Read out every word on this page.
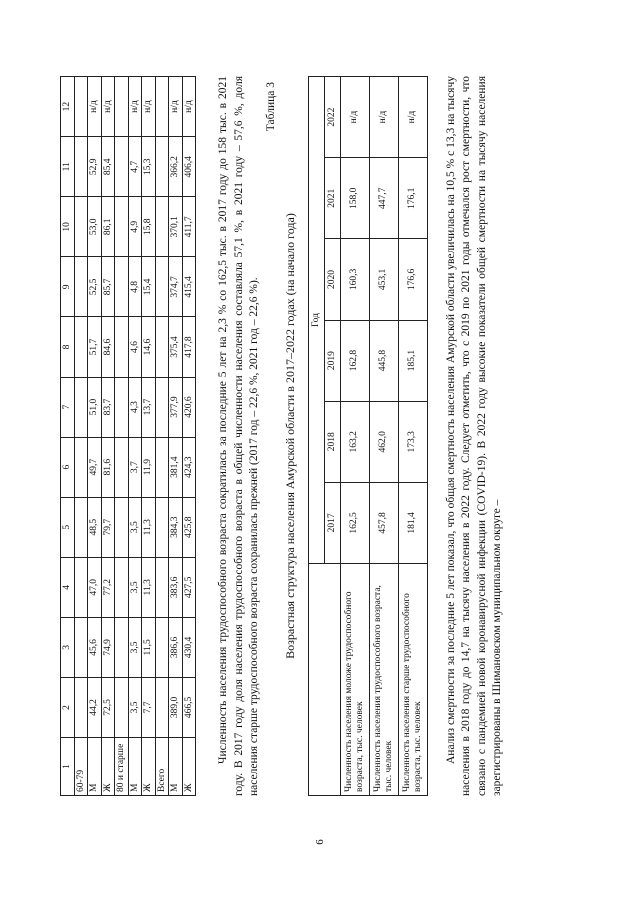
6
1	2	3	4	5	6	7	8	9	10	11	12
60-79											
М	44,2	45,6	47,0	48,5	49,7	51,0	51,7	52,5	53,0	52,9	н/д
Ж	72,5	74,9	77,2	79,7	81,6	83,7	84,6	85,7	86,1	85,4	н/д
80 и старше											
М	3,5	3,5	3,5	3,5	3,7	4,3	4,6	4,8	4,9	4,7	н/д
Ж	7,7	11,5	11,3	11,3	11,9	13,7	14,6	15,4	15,8	15,3	н/д
Всего											
М	389,0	386,6	383,6	384,3	381,4	377,9	375,4	374,7	370,1	366,2	н/д
Ж	466,5	430,4	427,5	425,8	424,3	420,6	417,8	415,4	411,7	406,4	н/д Численность населения трудоспособного возраста сократилась за последние 5 лет на 2,3 % со 162,5 тыс. в 2017 году до 158 тыс. в 2021 году. В 2017 году доля населения трудоспособного возраста в общей численности населения составляла 57,1 %, в 2021 году – 57,6 %, доля населения старше трудоспособного возраста сохранилась прежней (2017 год – 22,6 %, 2021 год – 22,6 %).

Таблица 3
Возрастная структура населения Амурской области в 2017–2022 годах (на начало года)
	Год					
	2017	2018	2019	2020	2021	2022
Численность населения моложе трудоспособного возраста, тыс. человек	162,5	163,2	162,8	160,3	158,0	н/д
Численность населения трудоспособного возраста, тыс. человек	457,8	462,0	445,8	453,1	447,7	н/д
Численность населения старше трудоспособного возраста, тыс. человек	181,4	173,3	185,1	176,6	176,1	н/д Анализ смертности за последние 5 лет показал, что общая смертность населения Амурской области увеличилась на 10,5 % с 13,3 на тысячу населения в 2018 году до 14,7 на тысячу населения в 2022 году. Следует отметить, что с 2019 по 2021 годы отмечался рост смертности, что связано с пандемией новой коронавирусной инфекции (COVID-19). В 2022 году высокие показатели общей смертности на тысячу населения зарегистрированы в Шимановском муниципальном округе –
